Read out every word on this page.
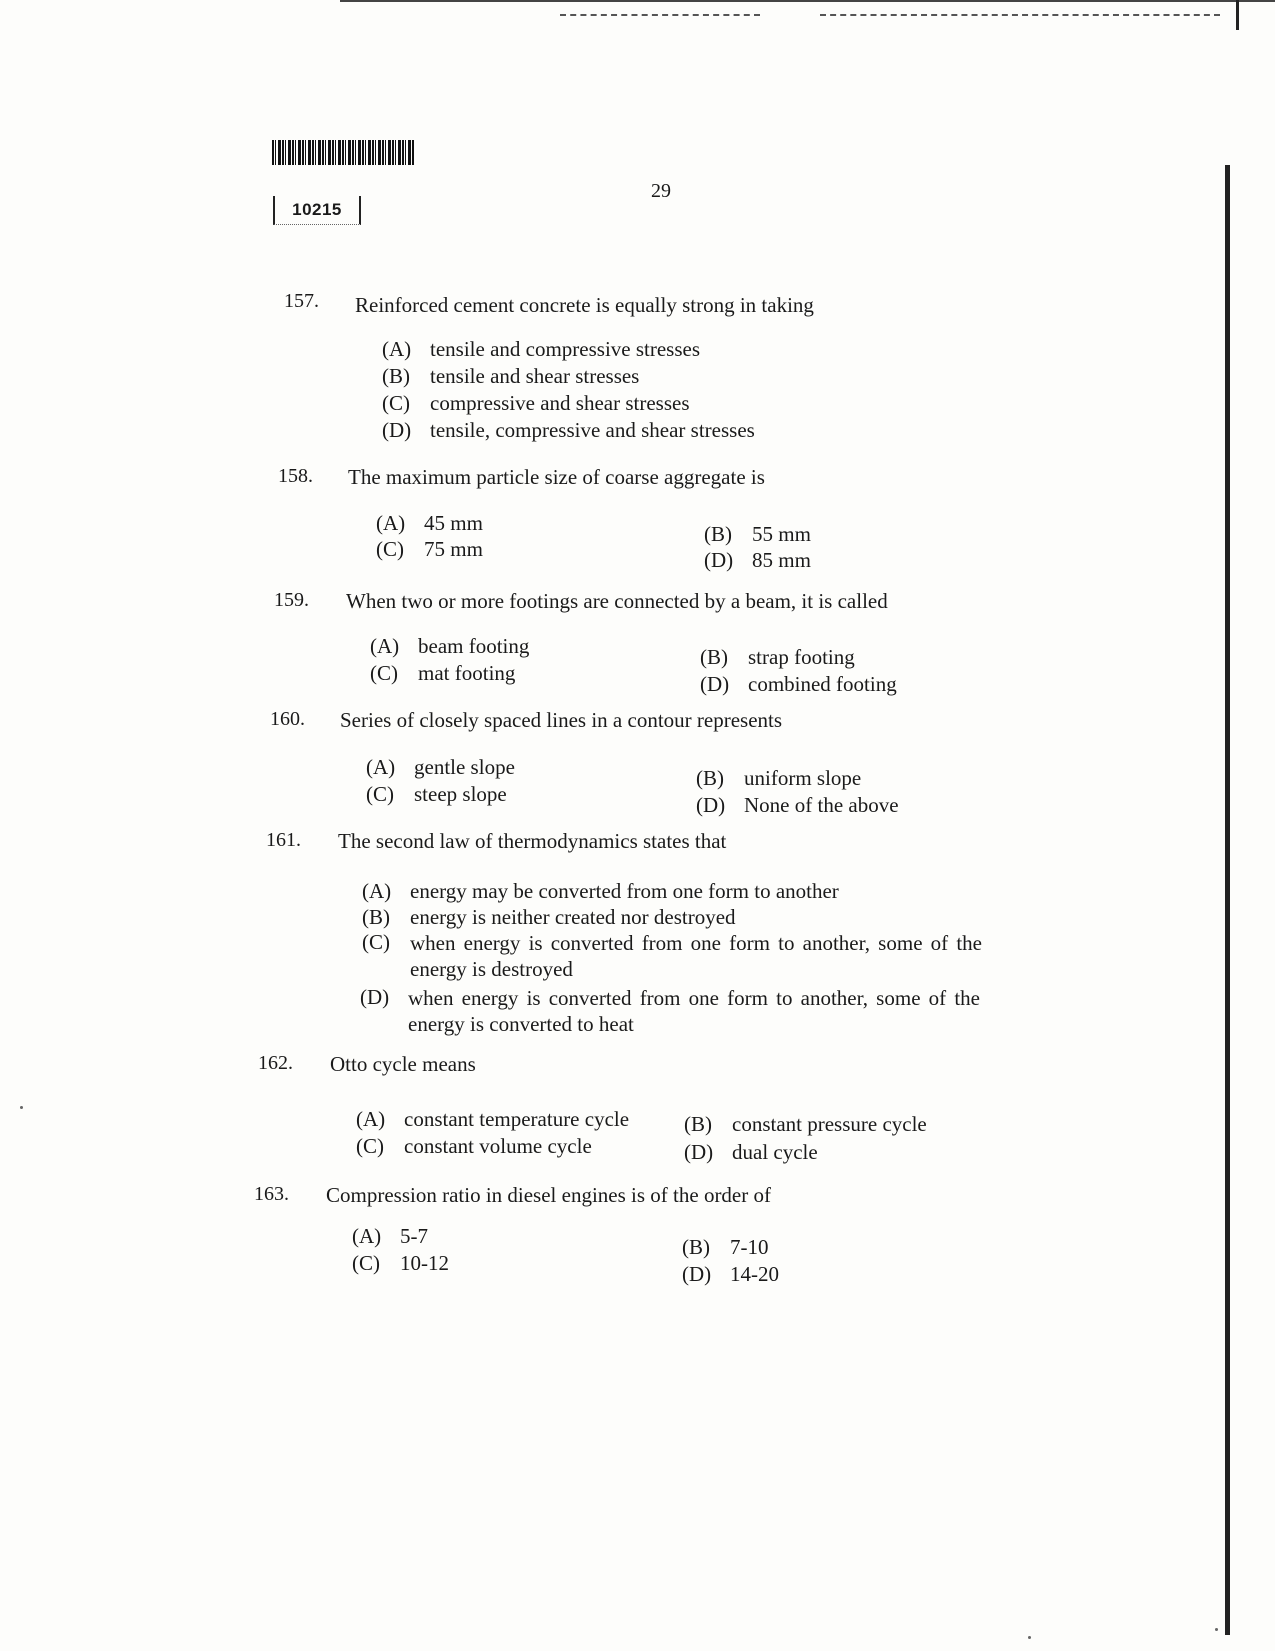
10215
29
157. Reinforced cement concrete is equally strong in taking
(A) tensile and compressive stresses
(B) tensile and shear stresses
(C) compressive and shear stresses
(D) tensile, compressive and shear stresses
158. The maximum particle size of coarse aggregate is
(A) 45 mm	(B) 55 mm
(C) 75 mm	(D) 85 mm
159. When two or more footings are connected by a beam, it is called
(A) beam footing	(B) strap footing
(C) mat footing	(D) combined footing
160. Series of closely spaced lines in a contour represents
(A) gentle slope	(B) uniform slope
(C) steep slope	(D) None of the above
161. The second law of thermodynamics states that
(A) energy may be converted from one form to another
(B) energy is neither created nor destroyed
(C) when energy is converted from one form to another, some of the energy is destroyed
(D) when energy is converted from one form to another, some of the energy is converted to heat
162. Otto cycle means
(A) constant temperature cycle	(B) constant pressure cycle
(C) constant volume cycle	(D) dual cycle
163. Compression ratio in diesel engines is of the order of
(A) 5-7	(B) 7-10
(C) 10-12	(D) 14-20
